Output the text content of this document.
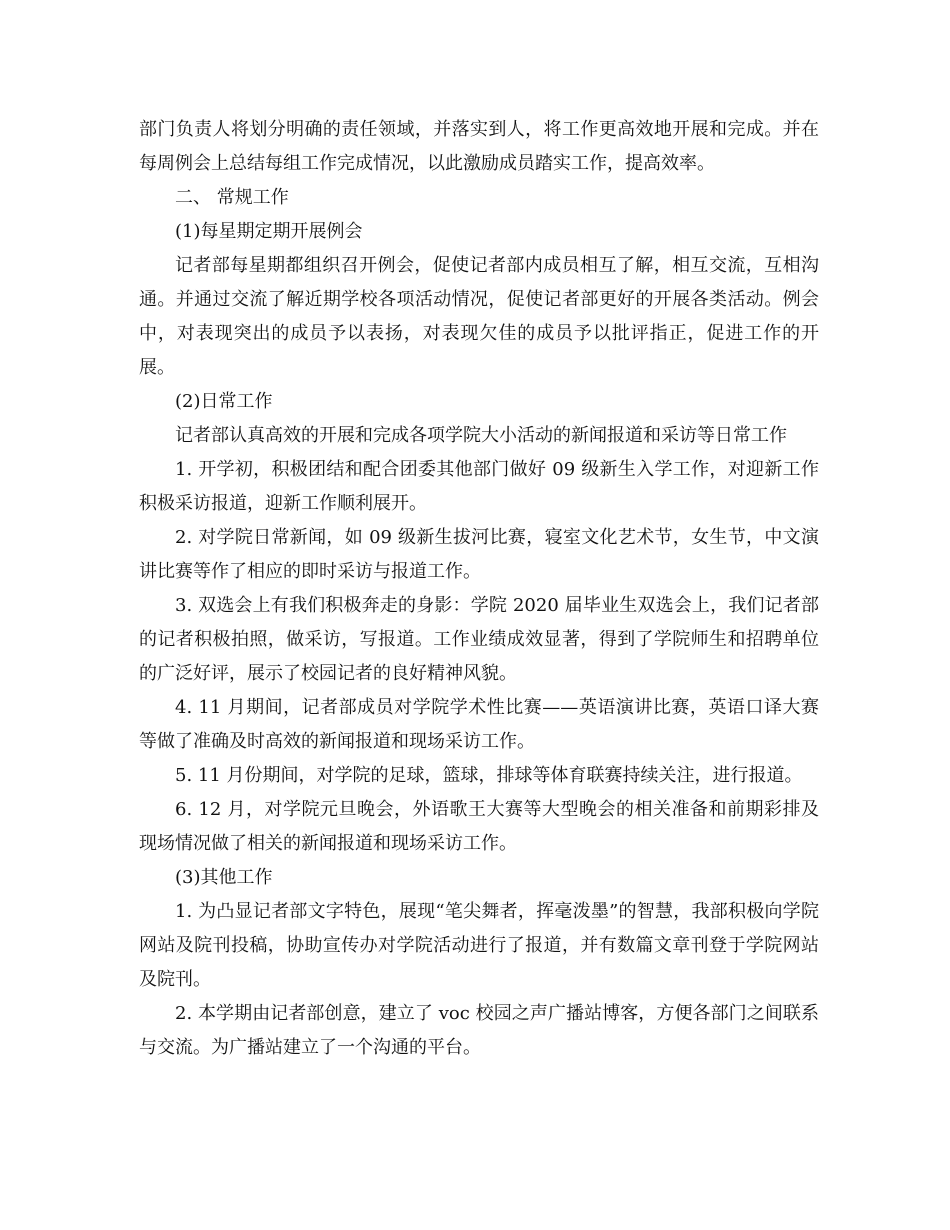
部门负责人将划分明确的责任领域，并落实到人，将工作更高效地开展和完成。并在每周例会上总结每组工作完成情况，以此激励成员踏实工作，提高效率。

二、 常规工作

(1)每星期定期开展例会

记者部每星期都组织召开例会，促使记者部内成员相互了解，相互交流，互相沟通。并通过交流了解近期学校各项活动情况，促使记者部更好的开展各类活动。例会中，对表现突出的成员予以表扬，对表现欠佳的成员予以批评指正，促进工作的开展。

(2)日常工作

记者部认真高效的开展和完成各项学院大小活动的新闻报道和采访等日常工作

1. 开学初，积极团结和配合团委其他部门做好 09 级新生入学工作，对迎新工作积极采访报道，迎新工作顺利展开。

2. 对学院日常新闻，如 09 级新生拔河比赛，寝室文化艺术节，女生节，中文演讲比赛等作了相应的即时采访与报道工作。

3. 双选会上有我们积极奔走的身影：学院 2020 届毕业生双选会上，我们记者部的记者积极拍照，做采访，写报道。工作业绩成效显著，得到了学院师生和招聘单位的广泛好评，展示了校园记者的良好精神风貌。

4. 11 月期间，记者部成员对学院学术性比赛——英语演讲比赛，英语口译大赛等做了准确及时高效的新闻报道和现场采访工作。

5. 11 月份期间，对学院的足球，篮球，排球等体育联赛持续关注，进行报道。

6. 12 月，对学院元旦晚会，外语歌王大赛等大型晚会的相关准备和前期彩排及现场情况做了相关的新闻报道和现场采访工作。

(3)其他工作

1. 为凸显记者部文字特色，展现“笔尖舞者，挥毫泼墨”的智慧，我部积极向学院网站及院刊投稿，协助宣传办对学院活动进行了报道，并有数篇文章刊登于学院网站及院刊。

2. 本学期由记者部创意，建立了 voc 校园之声广播站博客，方便各部门之间联系与交流。为广播站建立了一个沟通的平台。
